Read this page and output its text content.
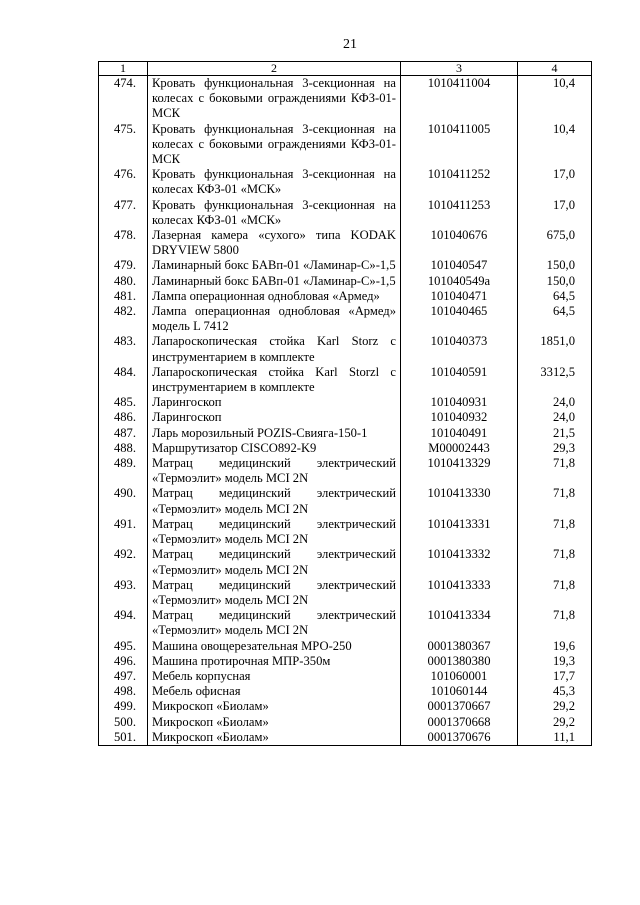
21
1	2	3	4
474.	Кровать функциональная 3-секционная на колесах с боковыми ограждениями КФЗ-01-МСК	1010411004	10,4
475.	Кровать функциональная 3-секционная на колесах с боковыми ограждениями КФЗ-01-МСК	1010411005	10,4
476.	Кровать функциональная 3-секционная на колесах КФЗ-01 «МСК»	1010411252	17,0
477.	Кровать функциональная 3-секционная на колесах КФЗ-01 «МСК»	1010411253	17,0
478.	Лазерная камера «сухого» типа KODAK DRYVIEW 5800	101040676	675,0
479.	Ламинарный бокс БАВп-01 «Ламинар-С»-1,5	101040547	150,0
480.	Ламинарный бокс БАВп-01 «Ламинар-С»-1,5	101040549а	150,0
481.	Лампа операционная однобловая «Армед»	101040471	64,5
482.	Лампа операционная однобловая «Армед» модель L 7412	101040465	64,5
483.	Лапароскопическая стойка Karl Storz с инструментарием в комплекте	101040373	1851,0
484.	Лапароскопическая стойка Karl Storzl с инструментарием в комплекте	101040591	3312,5
485.	Ларингоскоп	101040931	24,0
486.	Ларингоскоп	101040932	24,0
487.	Ларь морозильный POZIS-Свияга-150-1	101040491	21,5
488.	Маршрутизатор CISCO892-K9	M00002443	29,3
489.	Матрац медицинский электрический «Термоэлит» модель MCI 2N	1010413329	71,8
490.	Матрац медицинский электрический «Термоэлит» модель MCI 2N	1010413330	71,8
491.	Матрац медицинский электрический «Термоэлит» модель MCI 2N	1010413331	71,8
492.	Матрац медицинский электрический «Термоэлит» модель MCI 2N	1010413332	71,8
493.	Матрац медицинский электрический «Термоэлит» модель MCI 2N	1010413333	71,8
494.	Матрац медицинский электрический «Термоэлит» модель MCI 2N	1010413334	71,8
495.	Машина овощерезательная МРО-250	0001380367	19,6
496.	Машина протирочная МПР-350м	0001380380	19,3
497.	Мебель корпусная	101060001	17,7
498.	Мебель офисная	101060144	45,3
499.	Микроскоп «Биолам»	0001370667	29,2
500.	Микроскоп «Биолам»	0001370668	29,2
501.	Микроскоп «Биолам»	0001370676	11,1
